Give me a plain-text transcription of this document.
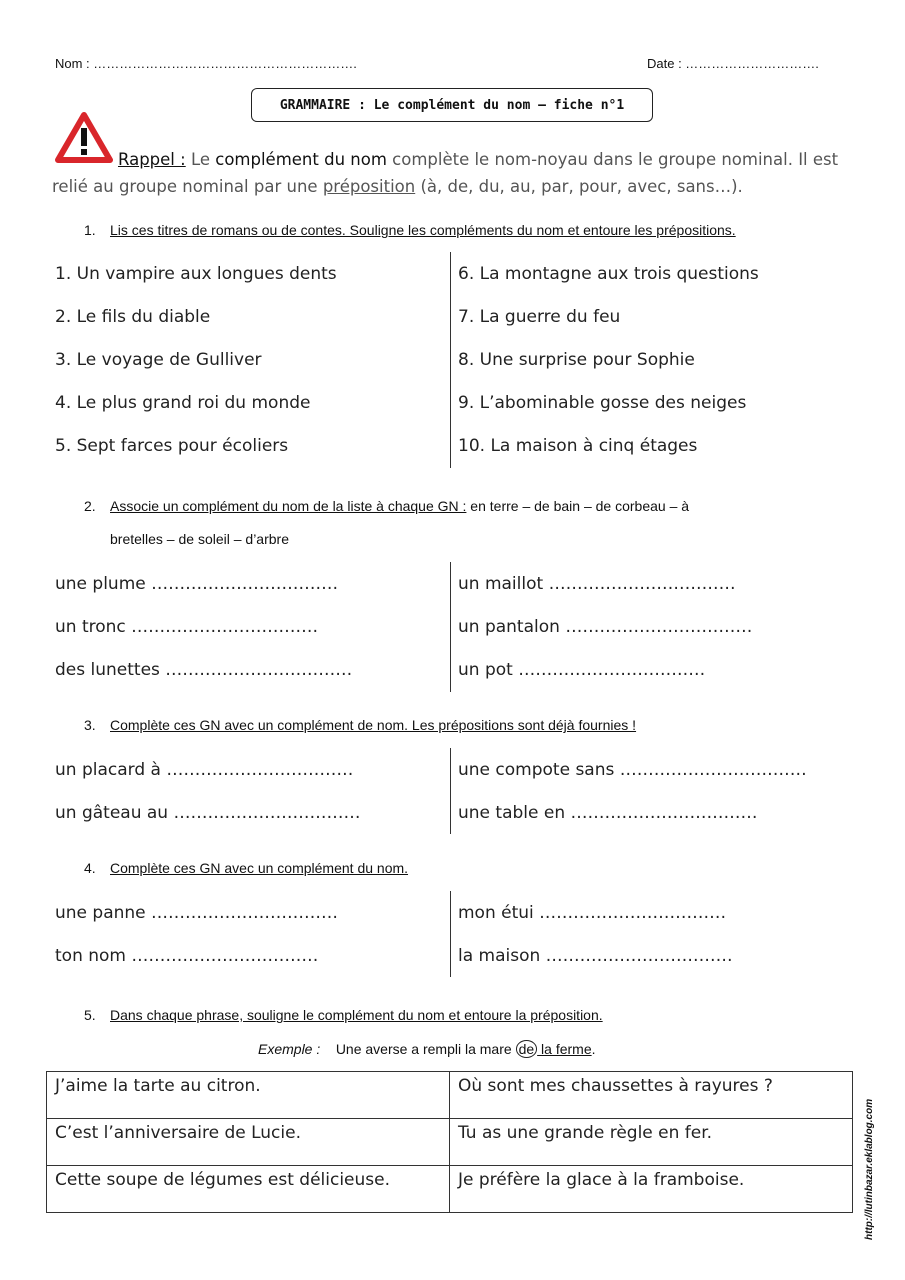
Nom : …………………………………………………….	Date : ………………………….
GRAMMAIRE : Le complément du nom – fiche n°1
Rappel : Le complément du nom complète le nom-noyau dans le groupe nominal. Il est relié au groupe nominal par une préposition (à, de, du, au, par, pour, avec, sans…).
1. Lis ces titres de romans ou de contes. Souligne les compléments du nom et entoure les prépositions.
1. Un vampire aux longues dents
2. Le fils du diable
3. Le voyage de Gulliver
4. Le plus grand roi du monde
5. Sept farces pour écoliers
6. La montagne aux trois questions
7. La guerre du feu
8. Une surprise pour Sophie
9. L’abominable gosse des neiges
10. La maison à cinq étages
2. Associe un complément du nom de la liste à chaque GN : en terre – de bain – de corbeau – à
bretelles – de soleil – d’arbre
une plume ……………………………
un tronc ……………………………
des lunettes ……………………………
un maillot ……………………………
un pantalon ……………………………
un pot ……………………………
3. Complète ces GN avec un complément de nom. Les prépositions sont déjà fournies !
un placard à ……………………………
un gâteau au ……………………………
une compote sans ……………………………
une table en ……………………………
4. Complète ces GN avec un complément du nom.
une panne ……………………………
ton nom ……………………………
mon étui ……………………………
la maison ……………………………
5. Dans chaque phrase, souligne le complément du nom et entoure la préposition.
Exemple : Une averse a rempli la mare de la ferme.
J’aime la tarte au citron.	Où sont mes chaussettes à rayures ?
C’est l’anniversaire de Lucie.	Tu as une grande règle en fer.
Cette soupe de légumes est délicieuse.	Je préfère la glace à la framboise.	http://lutinbazar.eklablog.com
